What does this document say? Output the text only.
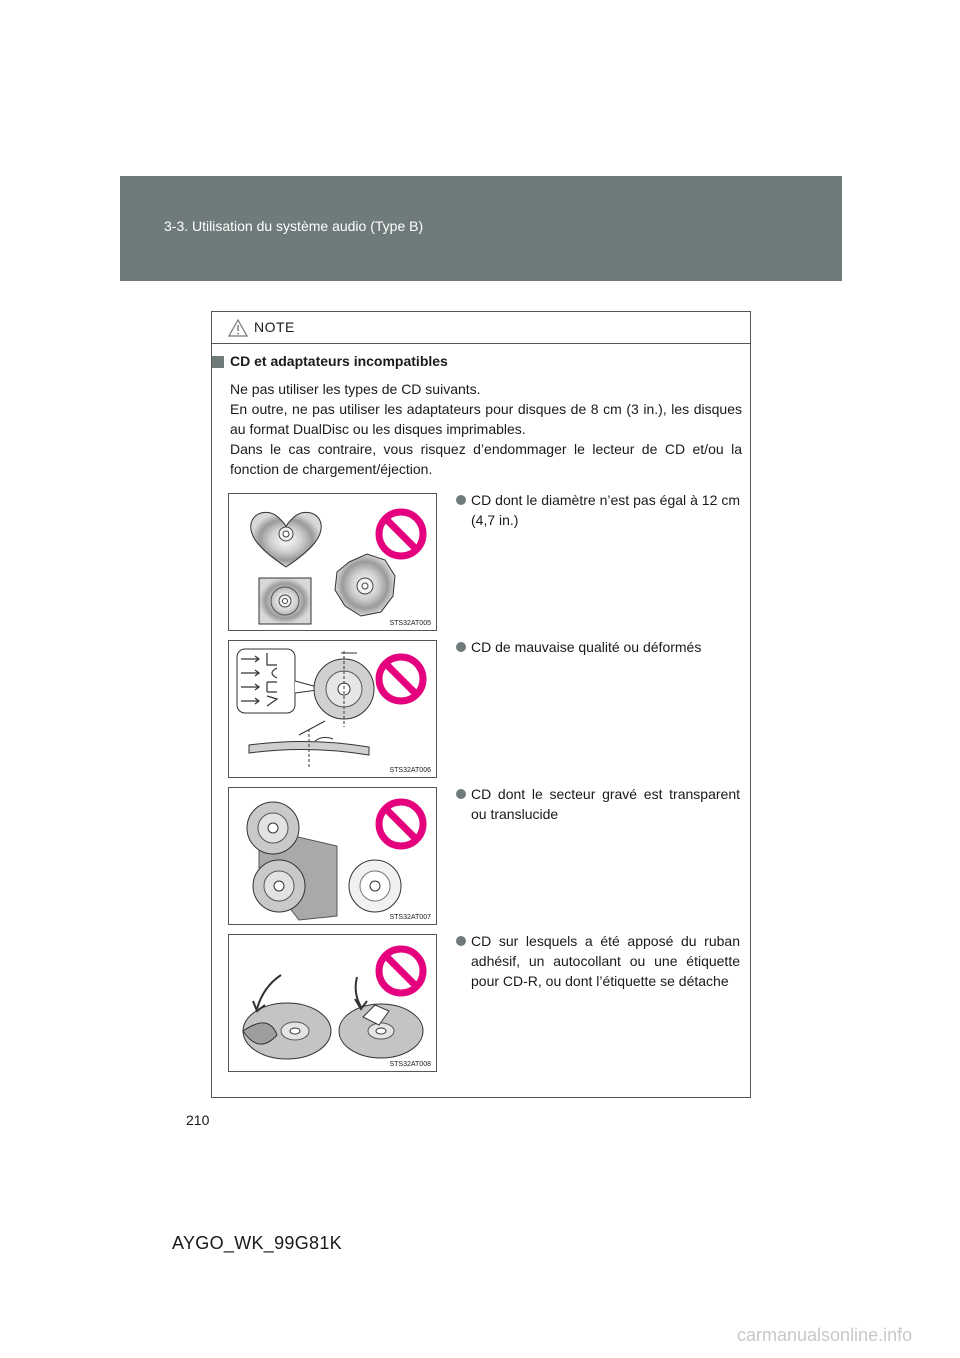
3-3. Utilisation du système audio (Type B)
NOTE
CD et adaptateurs incompatibles

Ne pas utiliser les types de CD suivants.

En outre, ne pas utiliser les adaptateurs pour disques de 8 cm (3 in.), les disques au format DualDisc ou les disques imprimables.

Dans le cas contraire, vous risquez d’endommager le lecteur de CD et/ou la fonction de chargement/éjection.

STS32AT005
STS32AT006
STS32AT007
STS32AT008
CD dont le diamètre n’est pas égal à 12 cm (4,7 in.)
CD de mauvaise qualité ou déformés
CD dont le secteur gravé est transparent ou translucide
CD sur lesquels a été apposé du ruban adhésif, un autocollant ou une étiquette pour CD-R, ou dont l’étiquette se détache
210
AYGO_WK_99G81K
carmanualsonline.info
